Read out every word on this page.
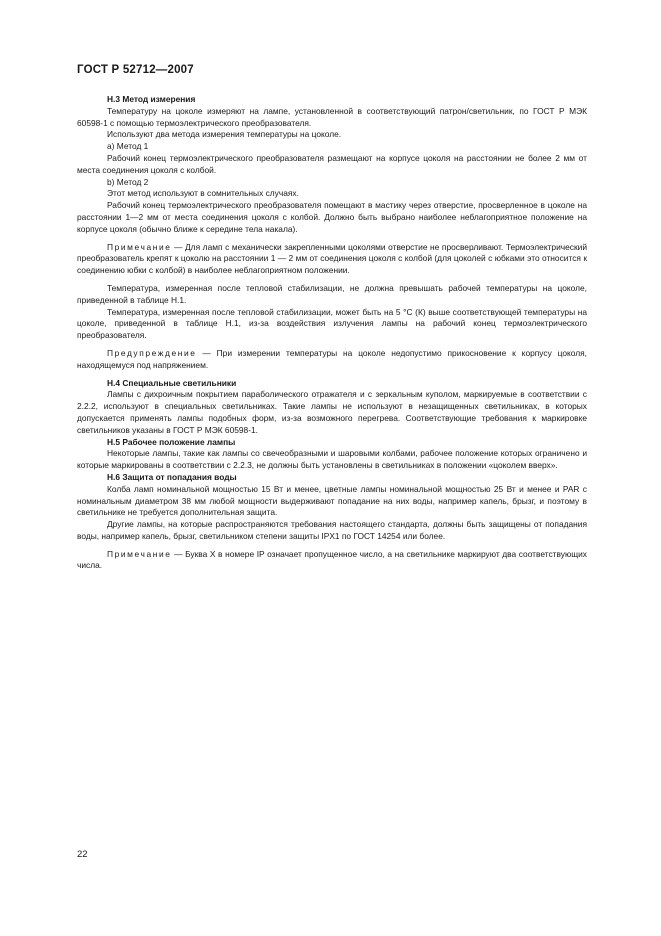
ГОСТ Р 52712—2007

Н.3 Метод измерения

Температуру на цоколе измеряют на лампе, установленной в соответствующий патрон/светильник, по ГОСТ Р МЭК 60598-1 с помощью термоэлектрического преобразователя.

Используют два метода измерения температуры на цоколе.

a) Метод 1

Рабочий конец термоэлектрического преобразователя размещают на корпусе цоколя на расстоянии не более 2 мм от места соединения цоколя с колбой.

b) Метод 2

Этот метод используют в сомнительных случаях.

Рабочий конец термоэлектрического преобразователя помещают в мастику через отверстие, просверленное в цоколе на расстоянии 1—2 мм от места соединения цоколя с колбой. Должно быть выбрано наиболее неблагоприятное положение на корпусе цоколя (обычно ближе к середине тела накала).

Примечание — Для ламп с механически закрепленными цоколями отверстие не просверливают. Термоэлектрический преобразователь крепят к цоколю на расстоянии 1 — 2 мм от соединения цоколя с колбой (для цоколей с юбками это относится к соединению юбки с колбой) в наиболее неблагоприятном положении.

Температура, измеренная после тепловой стабилизации, не должна превышать рабочей температуры на цоколе, приведенной в таблице Н.1.

Температура, измеренная после тепловой стабилизации, может быть на 5 °С (К) выше соответствующей температуры на цоколе, приведенной в таблице Н.1, из-за воздействия излучения лампы на рабочий конец термоэлектрического преобразователя.

Предупреждение — При измерении температуры на цоколе недопустимо прикосновение к корпусу цоколя, находящемуся под напряжением.

Н.4 Специальные светильники

Лампы с дихроичным покрытием параболического отражателя и с зеркальным куполом, маркируемые в соответствии с 2.2.2, используют в специальных светильниках. Такие лампы не используют в незащищенных светильниках, в которых допускается применять лампы подобных форм, из-за возможного перегрева. Соответствующие требования к маркировке светильников указаны в ГОСТ Р МЭК 60598-1.

Н.5 Рабочее положение лампы

Некоторые лампы, такие как лампы со свечеобразными и шаровыми колбами, рабочее положение которых ограничено и которые маркированы в соответствии с 2.2.3, не должны быть установлены в светильниках в положении «цоколем вверх».

Н.6 Защита от попадания воды

Колба ламп номинальной мощностью 15 Вт и менее, цветные лампы номинальной мощностью 25 Вт и менее и PAR с номинальным диаметром 38 мм любой мощности выдерживают попадание на них воды, например капель, брызг, и поэтому в светильнике не требуется дополнительная защита.

Другие лампы, на которые распространяются требования настоящего стандарта, должны быть защищены от попадания воды, например капель, брызг, светильником степени защиты IPX1 по ГОСТ 14254 или более.

Примечание — Буква X в номере IP означает пропущенное число, а на светильнике маркируют два соответствующих числа.

22
